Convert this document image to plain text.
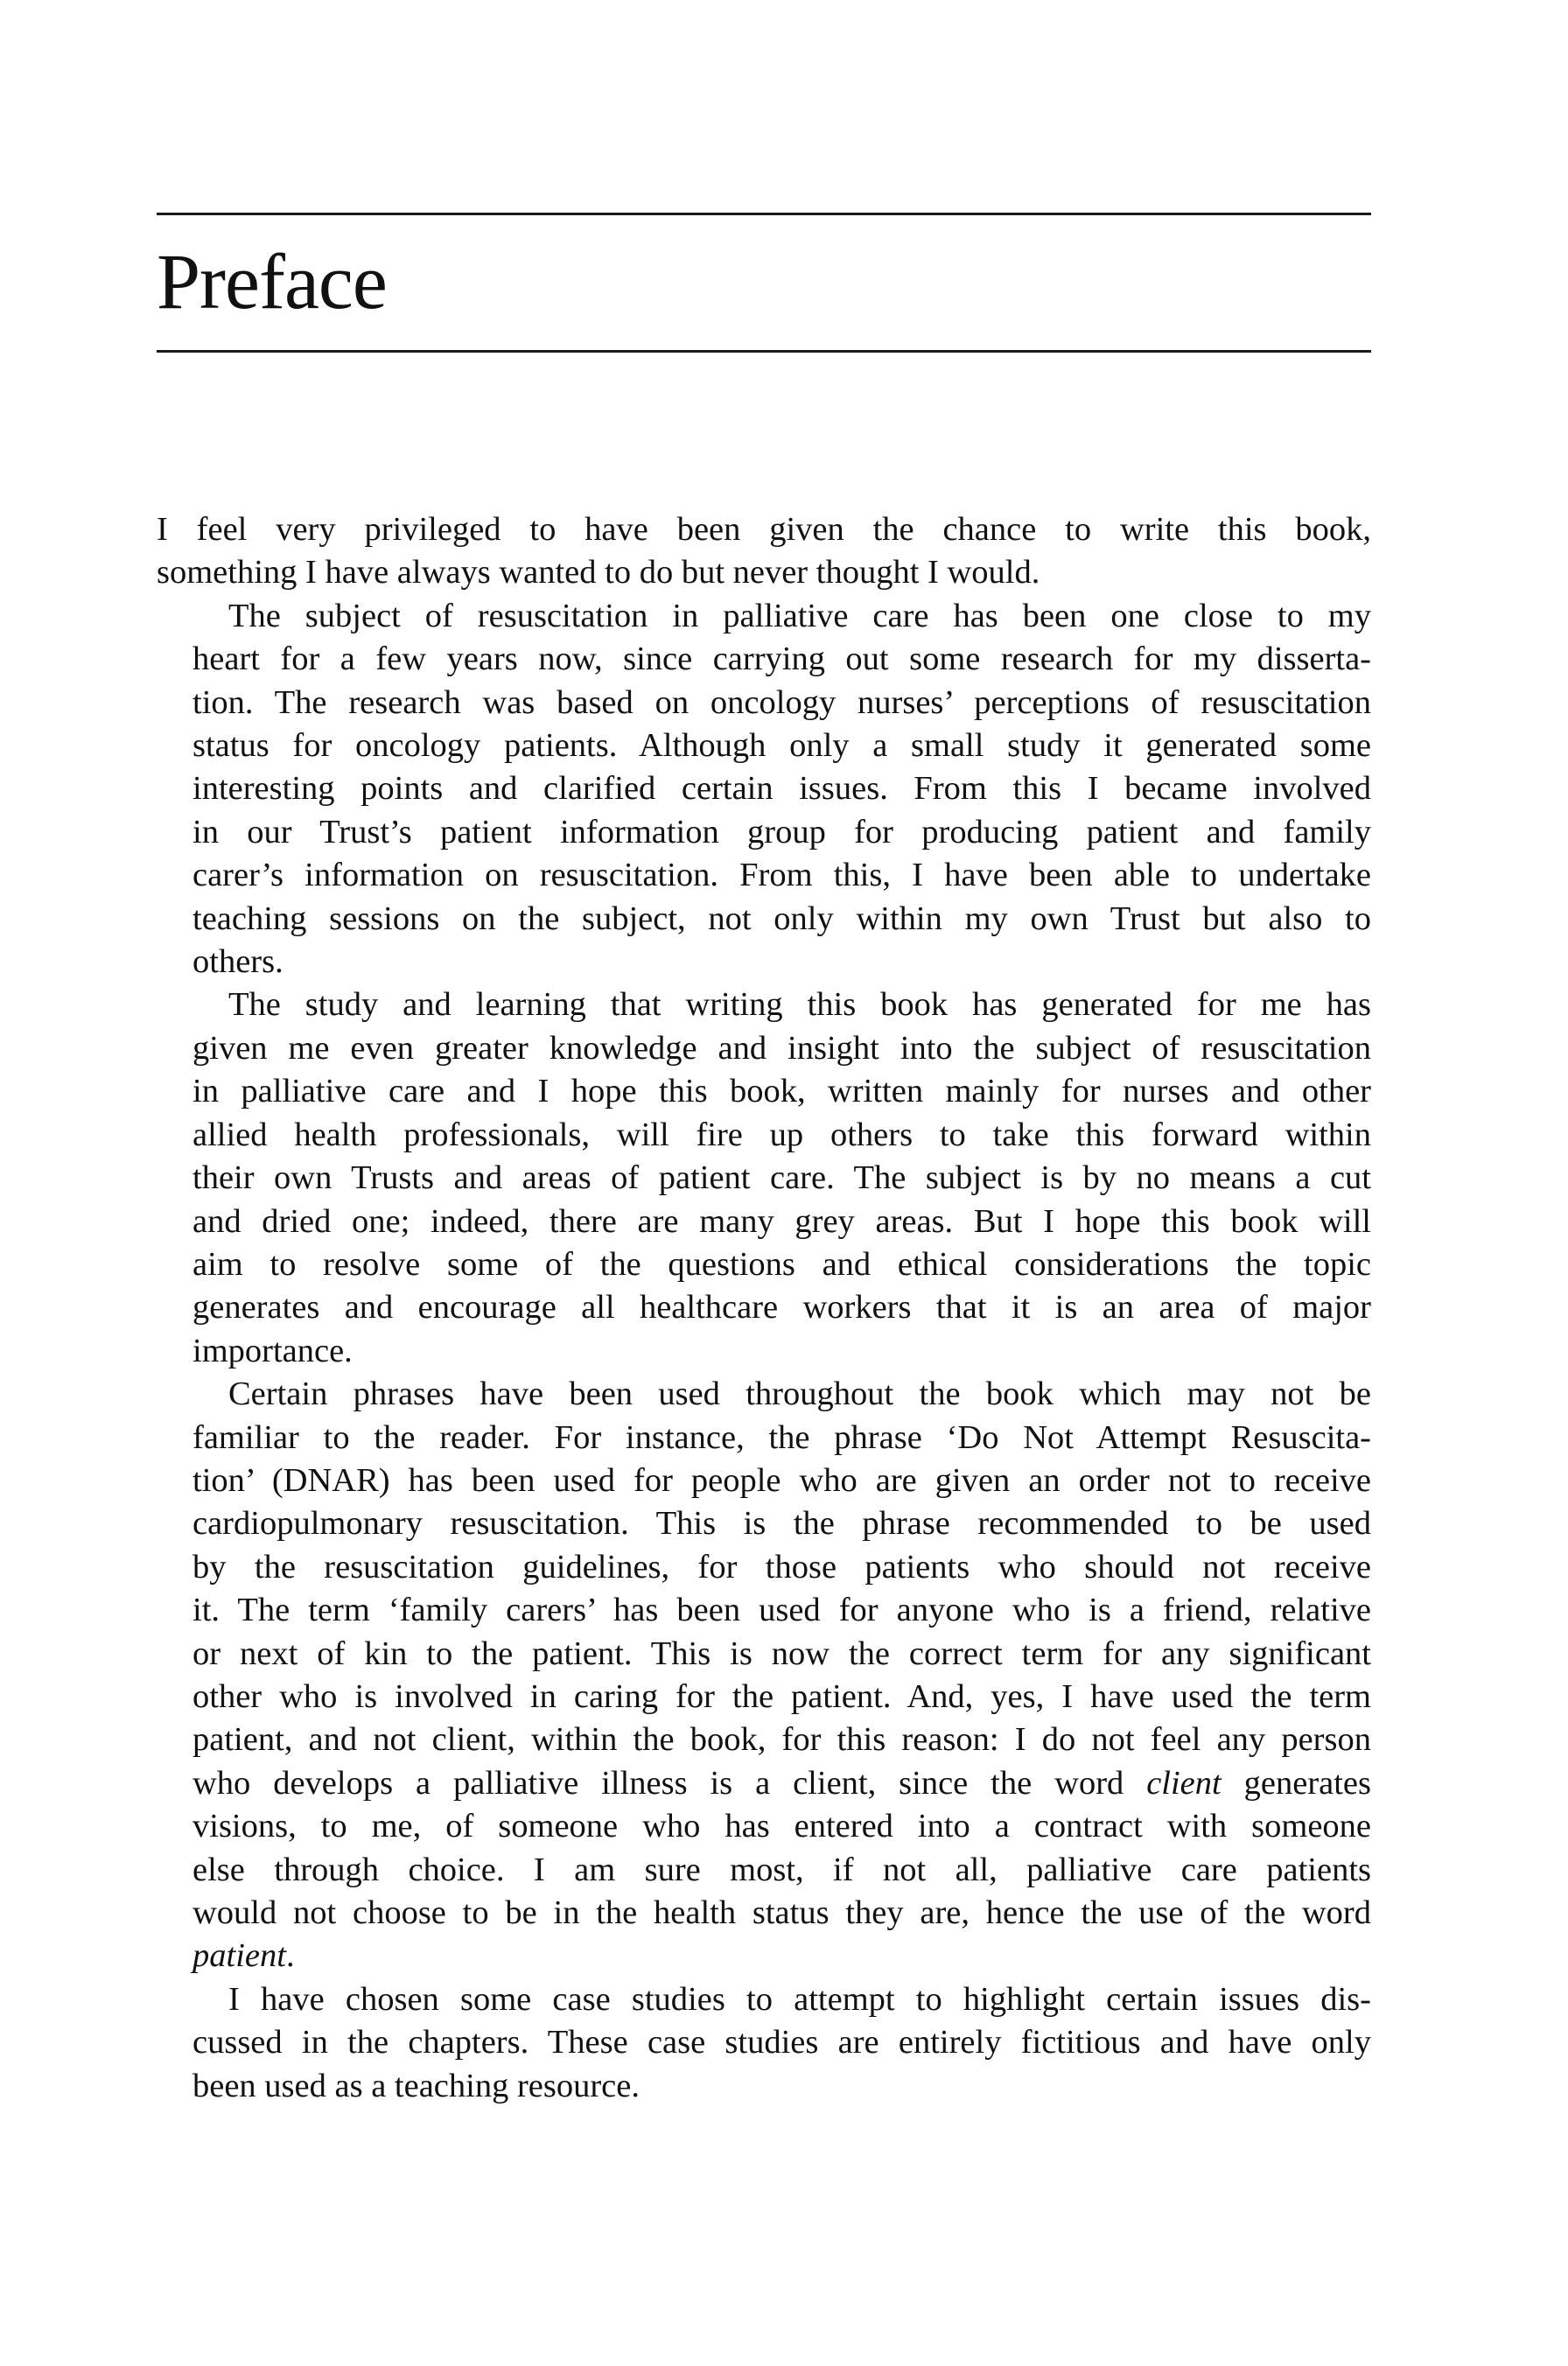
Preface
I feel very privileged to have been given the chance to write this book,
something I have always wanted to do but never thought I would.
The subject of resuscitation in palliative care has been one close to my
heart for a few years now, since carrying out some research for my disserta-
tion. The research was based on oncology nurses’ perceptions of resuscitation
status for oncology patients. Although only a small study it generated some
interesting points and clarified certain issues. From this I became involved
in our Trust’s patient information group for producing patient and family
carer’s information on resuscitation. From this, I have been able to undertake
teaching sessions on the subject, not only within my own Trust but also to
others.
The study and learning that writing this book has generated for me has
given me even greater knowledge and insight into the subject of resuscitation
in palliative care and I hope this book, written mainly for nurses and other
allied health professionals, will fire up others to take this forward within
their own Trusts and areas of patient care. The subject is by no means a cut
and dried one; indeed, there are many grey areas. But I hope this book will
aim to resolve some of the questions and ethical considerations the topic
generates and encourage all healthcare workers that it is an area of major
importance.
Certain phrases have been used throughout the book which may not be
familiar to the reader. For instance, the phrase ‘Do Not Attempt Resuscita-
tion’ (DNAR) has been used for people who are given an order not to receive
cardiopulmonary resuscitation. This is the phrase recommended to be used
by the resuscitation guidelines, for those patients who should not receive
it. The term ‘family carers’ has been used for anyone who is a friend, relative
or next of kin to the patient. This is now the correct term for any significant
other who is involved in caring for the patient. And, yes, I have used the term
patient, and not client, within the book, for this reason: I do not feel any person
who develops a palliative illness is a client, since the word client generates
visions, to me, of someone who has entered into a contract with someone
else through choice. I am sure most, if not all, palliative care patients
would not choose to be in the health status they are, hence the use of the word
patient.
I have chosen some case studies to attempt to highlight certain issues dis-
cussed in the chapters. These case studies are entirely fictitious and have only
been used as a teaching resource.
